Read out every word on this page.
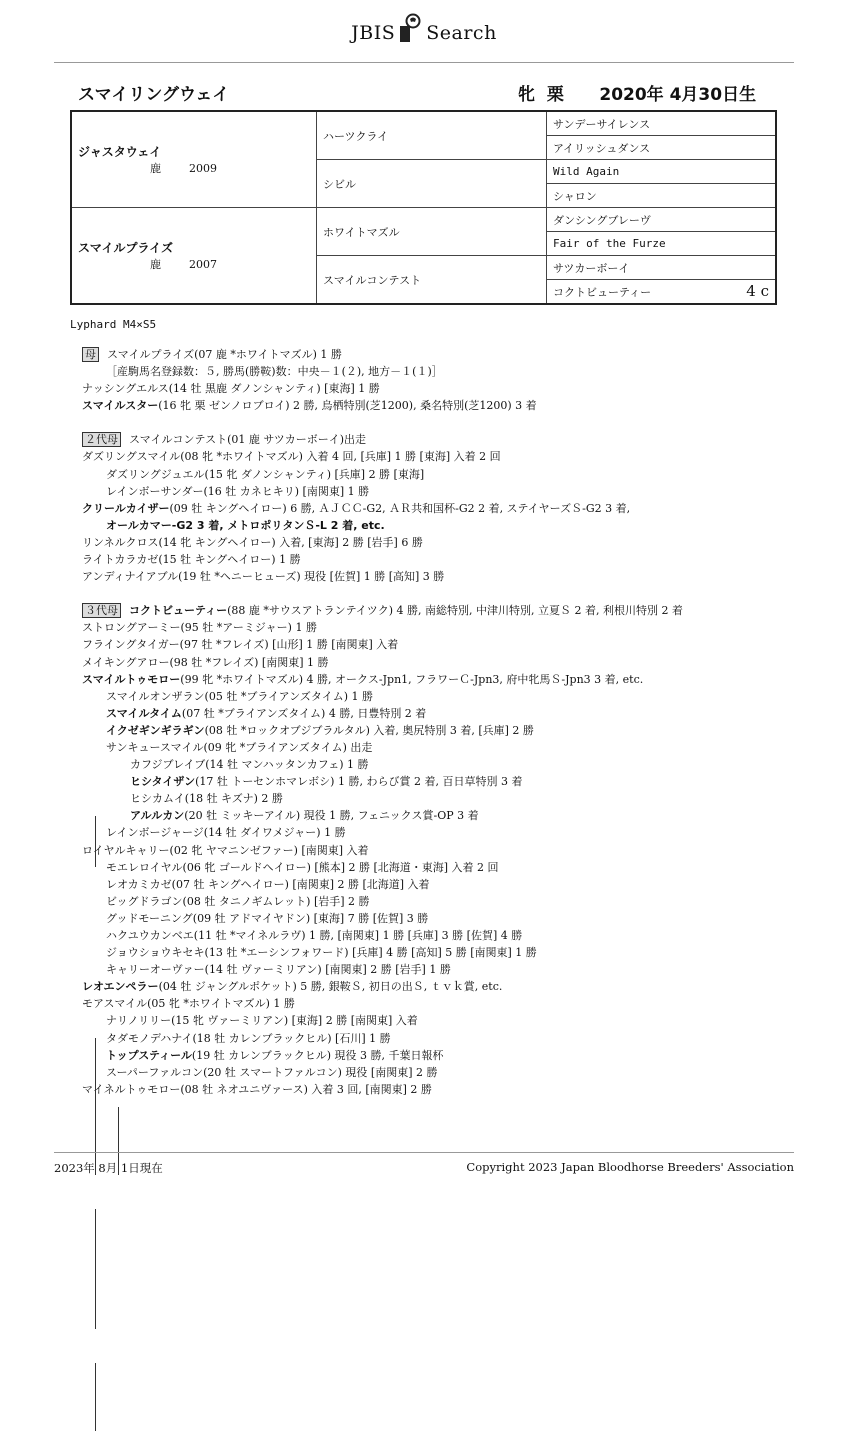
JBIS Search
スマイリングウェイ	牝 栗 2020年 4月30日生
ジャスタウェイ
鹿 2009	ハーツクライ	サンデーサイレンス
		アイリッシュダンス
	シビル	Wild Again
		シャロン

スマイルプライズ
鹿 2007	ホワイトマズル	ダンシングブレーヴ
		Fair of the Furze
	スマイルコンテスト	サツカーボーイ
		コクトビューティー 4 c
Lyphard M4×S5
母 スマイルプライズ(07 鹿 *ホワイトマズル) 1 勝
［産駒馬名登録数：５, 勝馬(勝鞍)数：中央－１(２), 地方－１(１)］
ナッシングエルス(14 牡 黒鹿 ダノンシャンティ) [東海] 1 勝
スマイルスター(16 牝 栗 ゼンノロブロイ) 2 勝, 烏栖特別(芝1200), 桑名特別(芝1200) 3 着
２代母 スマイルコンテスト(01 鹿 サツカーボーイ)出走
ダズリングスマイル(08 牝 *ホワイトマズル) 入着 4 回, [兵庫] 1 勝 [東海] 入着 2 回
ダズリングジュエル(15 牝 ダノンシャンティ) [兵庫] 2 勝 [東海]
レインボーサンダー(16 牡 カネヒキリ) [南関東] 1 勝
クリールカイザー(09 牡 キングヘイロー) 6 勝, ＡＪＣＣ-G2, ＡＲ共和国杯-G2 2 着, ステイヤーズＳ-G2 3 着,
オールカマー-G2 3 着, メトロポリタンＳ-L 2 着, etc.
リンネルクロス(14 牝 キングヘイロー) 入着, [東海] 2 勝 [岩手] 6 勝
ライトカラカゼ(15 牡 キングヘイロー) 1 勝
アンディナイアブル(19 牡 *ヘニーヒューズ) 現役 [佐賀] 1 勝 [高知] 3 勝
３代母 コクトビューティー(88 鹿 *サウスアトランテイツク) 4 勝, 南総特別, 中津川特別, 立夏Ｓ 2 着, 利根川特別 2 着
ストロングアーミー(95 牡 *アーミジャー) 1 勝
フライングタイガー(97 牡 *フレイズ) [山形] 1 勝 [南関東] 入着
メイキングアロー(98 牡 *フレイズ) [南関東] 1 勝
スマイルトゥモロー(99 牝 *ホワイトマズル) 4 勝, オークス-Jpn1, フラワーＣ-Jpn3, 府中牝馬Ｓ-Jpn3 3 着, etc.
スマイルオンザラン(05 牡 *ブライアンズタイム) 1 勝
スマイルタイム(07 牡 *ブライアンズタイム) 4 勝, 日豊特別 2 着
イクゼギンギラギン(08 牡 *ロックオブジブラルタル) 入着, 奥尻特別 3 着, [兵庫] 2 勝
サンキュースマイル(09 牝 *ブライアンズタイム) 出走
カフジブレイブ(14 牡 マンハッタンカフェ) 1 勝
ヒシタイザン(17 牡 トーセンホマレボシ) 1 勝, わらび賞 2 着, 百日草特別 3 着
ヒシカムイ(18 牡 キズナ) 2 勝
アルルカン(20 牡 ミッキーアイル) 現役 1 勝, フェニックス賞-OP 3 着
レインボージャージ(14 牡 ダイワメジャー) 1 勝
ロイヤルキャリー(02 牝 ヤマニンゼファー) [南関東] 入着
モエレロイヤル(06 牝 ゴールドヘイロー) [熊本] 2 勝 [北海道・東海] 入着 2 回
レオカミカゼ(07 牡 キングヘイロー) [南関東] 2 勝 [北海道] 入着
ビッグドラゴン(08 牡 タニノギムレット) [岩手] 2 勝
グッドモーニング(09 牡 アドマイヤドン) [東海] 7 勝 [佐賀] 3 勝
ハクユウカンベエ(11 牡 *マイネルラヴ) 1 勝, [南関東] 1 勝 [兵庫] 3 勝 [佐賀] 4 勝
ジョウショウキセキ(13 牡 *エーシンフォワード) [兵庫] 4 勝 [高知] 5 勝 [南関東] 1 勝
キャリーオーヴァー(14 牡 ヴァーミリアン) [南関東] 2 勝 [岩手] 1 勝
レオエンペラー(04 牡 ジャングルポケット) 5 勝, 銀鞍Ｓ, 初日の出Ｓ, ｔｖｋ賞, etc.
モアスマイル(05 牝 *ホワイトマズル) 1 勝
ナリノリリー(15 牝 ヴァーミリアン) [東海] 2 勝 [南関東] 入着
タダモノデハナイ(18 牡 カレンブラックヒル) [石川] 1 勝
トップスティール(19 牡 カレンブラックヒル) 現役 3 勝, 千葉日報杯
スーパーファルコン(20 牡 スマートファルコン) 現役 [南関東] 2 勝
マイネルトゥモロー(08 牡 ネオユニヴァース) 入着 3 回, [南関東] 2 勝
2023年 8月 1日現在	Copyright 2023 Japan Bloodhorse Breeders' Association
